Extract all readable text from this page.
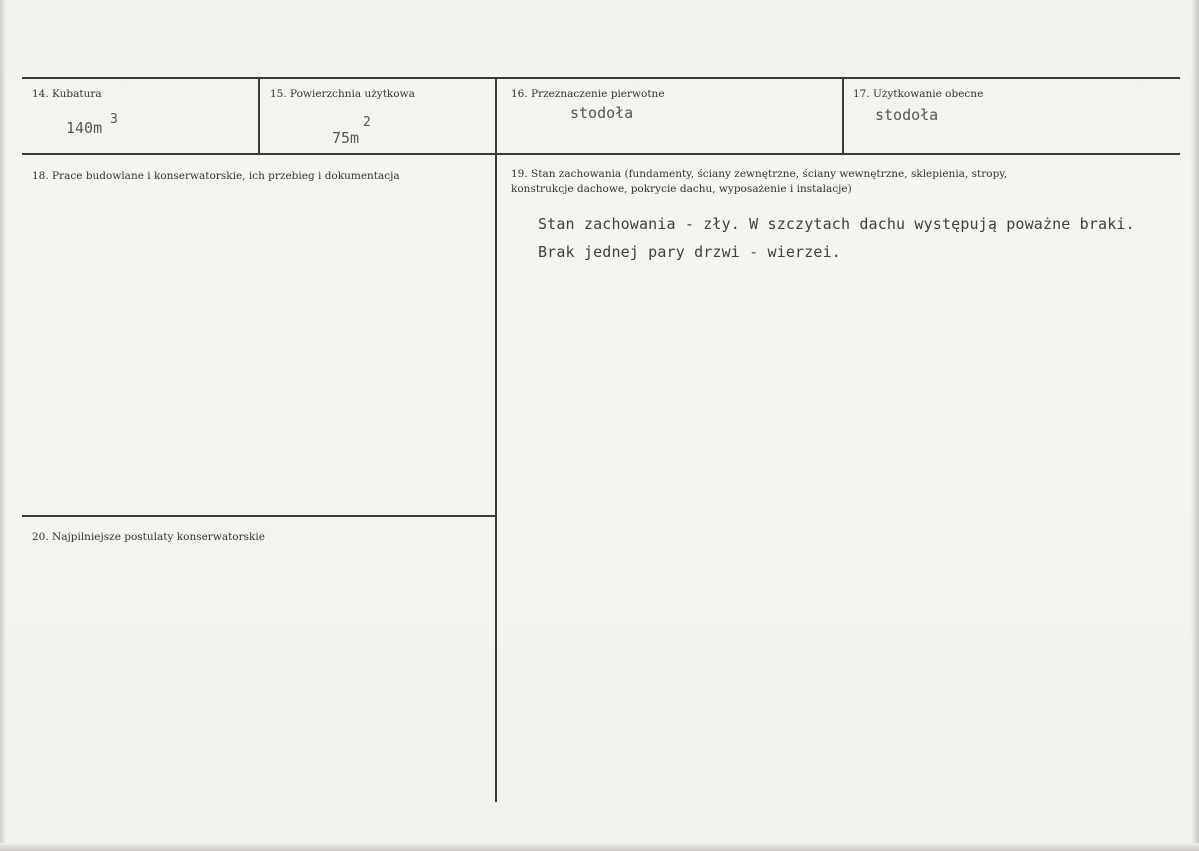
14. Kubatura
140m 3
15. Powierzchnia użytkowa
75m
2
16. Przeznaczenie pierwotne
stodoła
17. Użytkowanie obecne
stodoła
18. Prace budowlane i konserwatorskie, ich przebieg i dokumentacja	19. Stan zachowania (fundamenty, ściany zewnętrzne, ściany wewnętrzne, sklepienia, stropy,
konstrukcje dachowe, pokrycie dachu, wyposażenie i instalacje)
Stan zachowania - zły. W szczytach dachu występują poważne braki.
Brak jednej pary drzwi - wierzei.
20. Najpilniejsze postulaty konserwatorskie
